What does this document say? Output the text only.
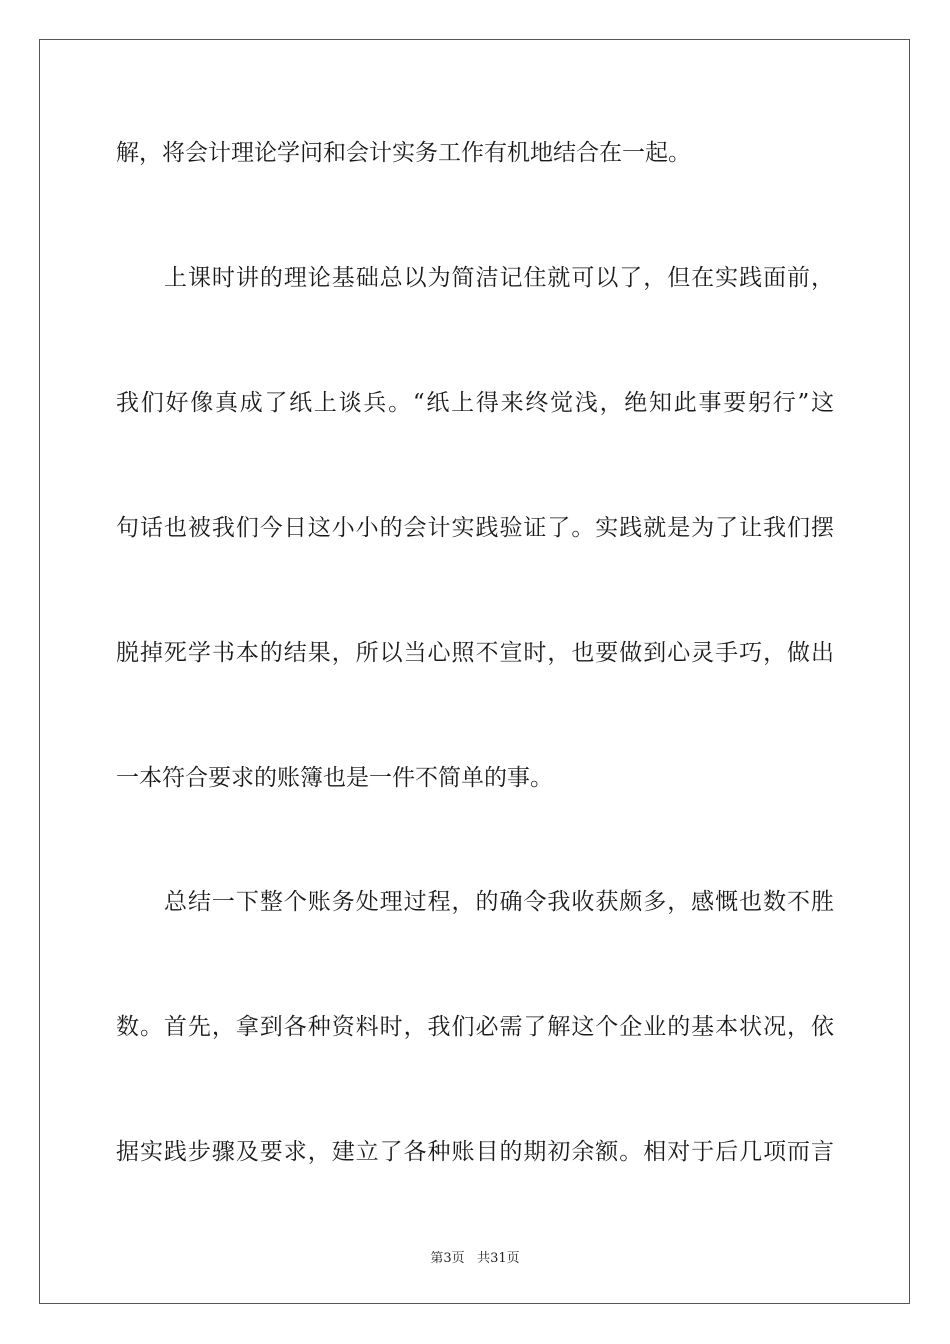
解，将会计理论学问和会计实务工作有机地结合在一起。
上课时讲的理论基础总以为简洁记住就可以了，但在实践面前，
我们好像真成了纸上谈兵。“纸上得来终觉浅，绝知此事要躬行”这
句话也被我们今日这小小的会计实践验证了。实践就是为了让我们摆
脱掉死学书本的结果，所以当心照不宣时，也要做到心灵手巧，做出
一本符合要求的账簿也是一件不简单的事。
总结一下整个账务处理过程，的确令我收获颇多，感慨也数不胜
数。首先，拿到各种资料时，我们必需了解这个企业的基本状况，依
据实践步骤及要求，建立了各种账目的期初余额。相对于后几项而言
第3页 共31页
